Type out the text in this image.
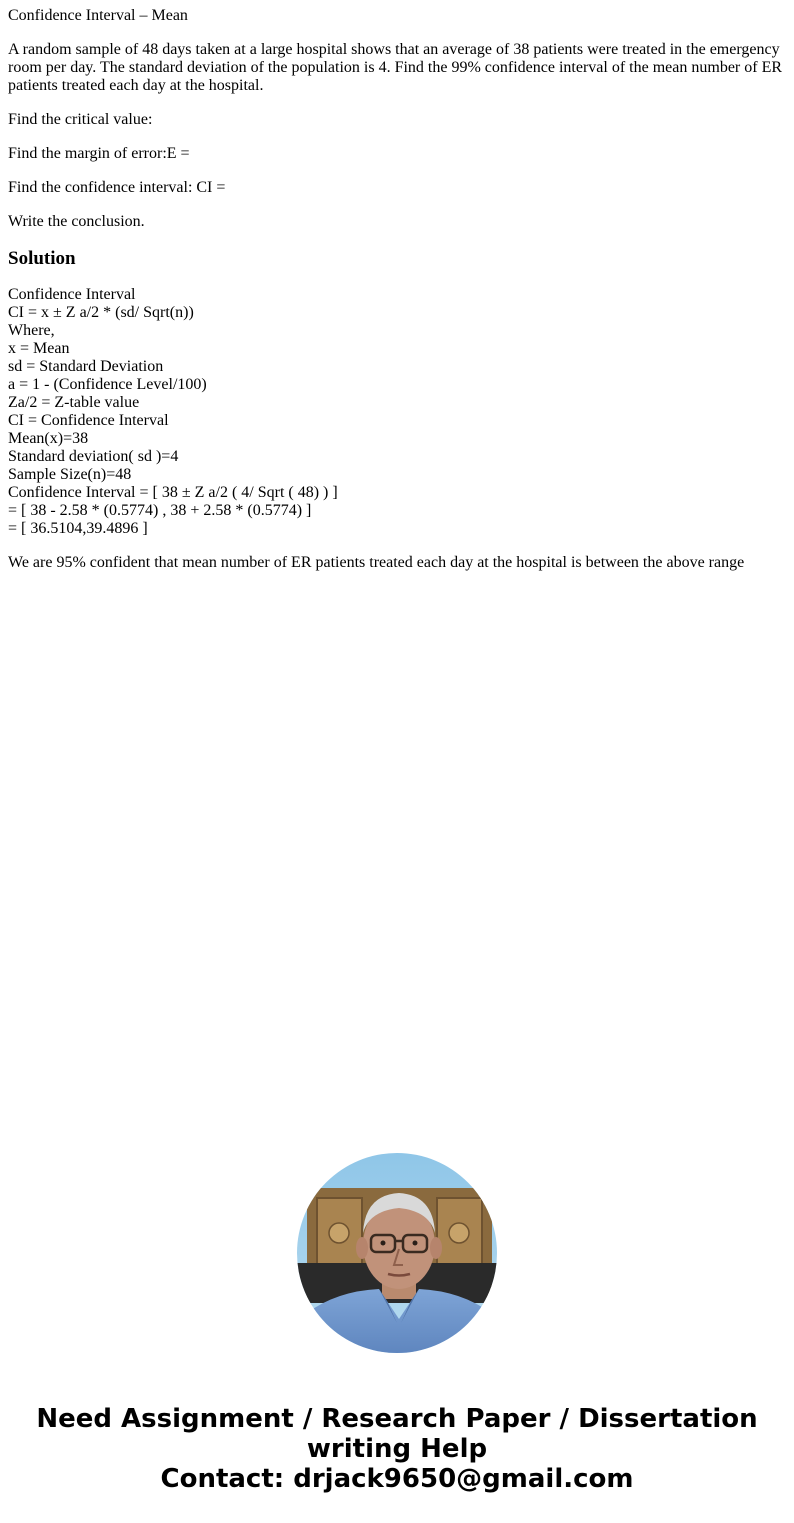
Confidence Interval – Mean

A random sample of 48 days taken at a large hospital shows that an average of 38 patients were treated in the emergency room per day. The standard deviation of the population is 4. Find the 99% confidence interval of the mean number of ER patients treated each day at the hospital.

Find the critical value:

Find the margin of error:E =

Find the confidence interval: CI =

Write the conclusion.

Solution
Confidence Interval
CI = x ± Z a/2 * (sd/ Sqrt(n))
Where,
x = Mean
sd = Standard Deviation
a = 1 - (Confidence Level/100)
Za/2 = Z-table value
CI = Confidence Interval
Mean(x)=38
Standard deviation( sd )=4
Sample Size(n)=48
Confidence Interval = [ 38 ± Z a/2 ( 4/ Sqrt ( 48) ) ]
= [ 38 - 2.58 * (0.5774) , 38 + 2.58 * (0.5774) ]
= [ 36.5104,39.4896 ]

We are 95% confident that mean number of ER patients treated each day at the hospital is between the above range

Need Assignment / Research Paper / Dissertation
writing Help
Contact: drjack9650@gmail.com
